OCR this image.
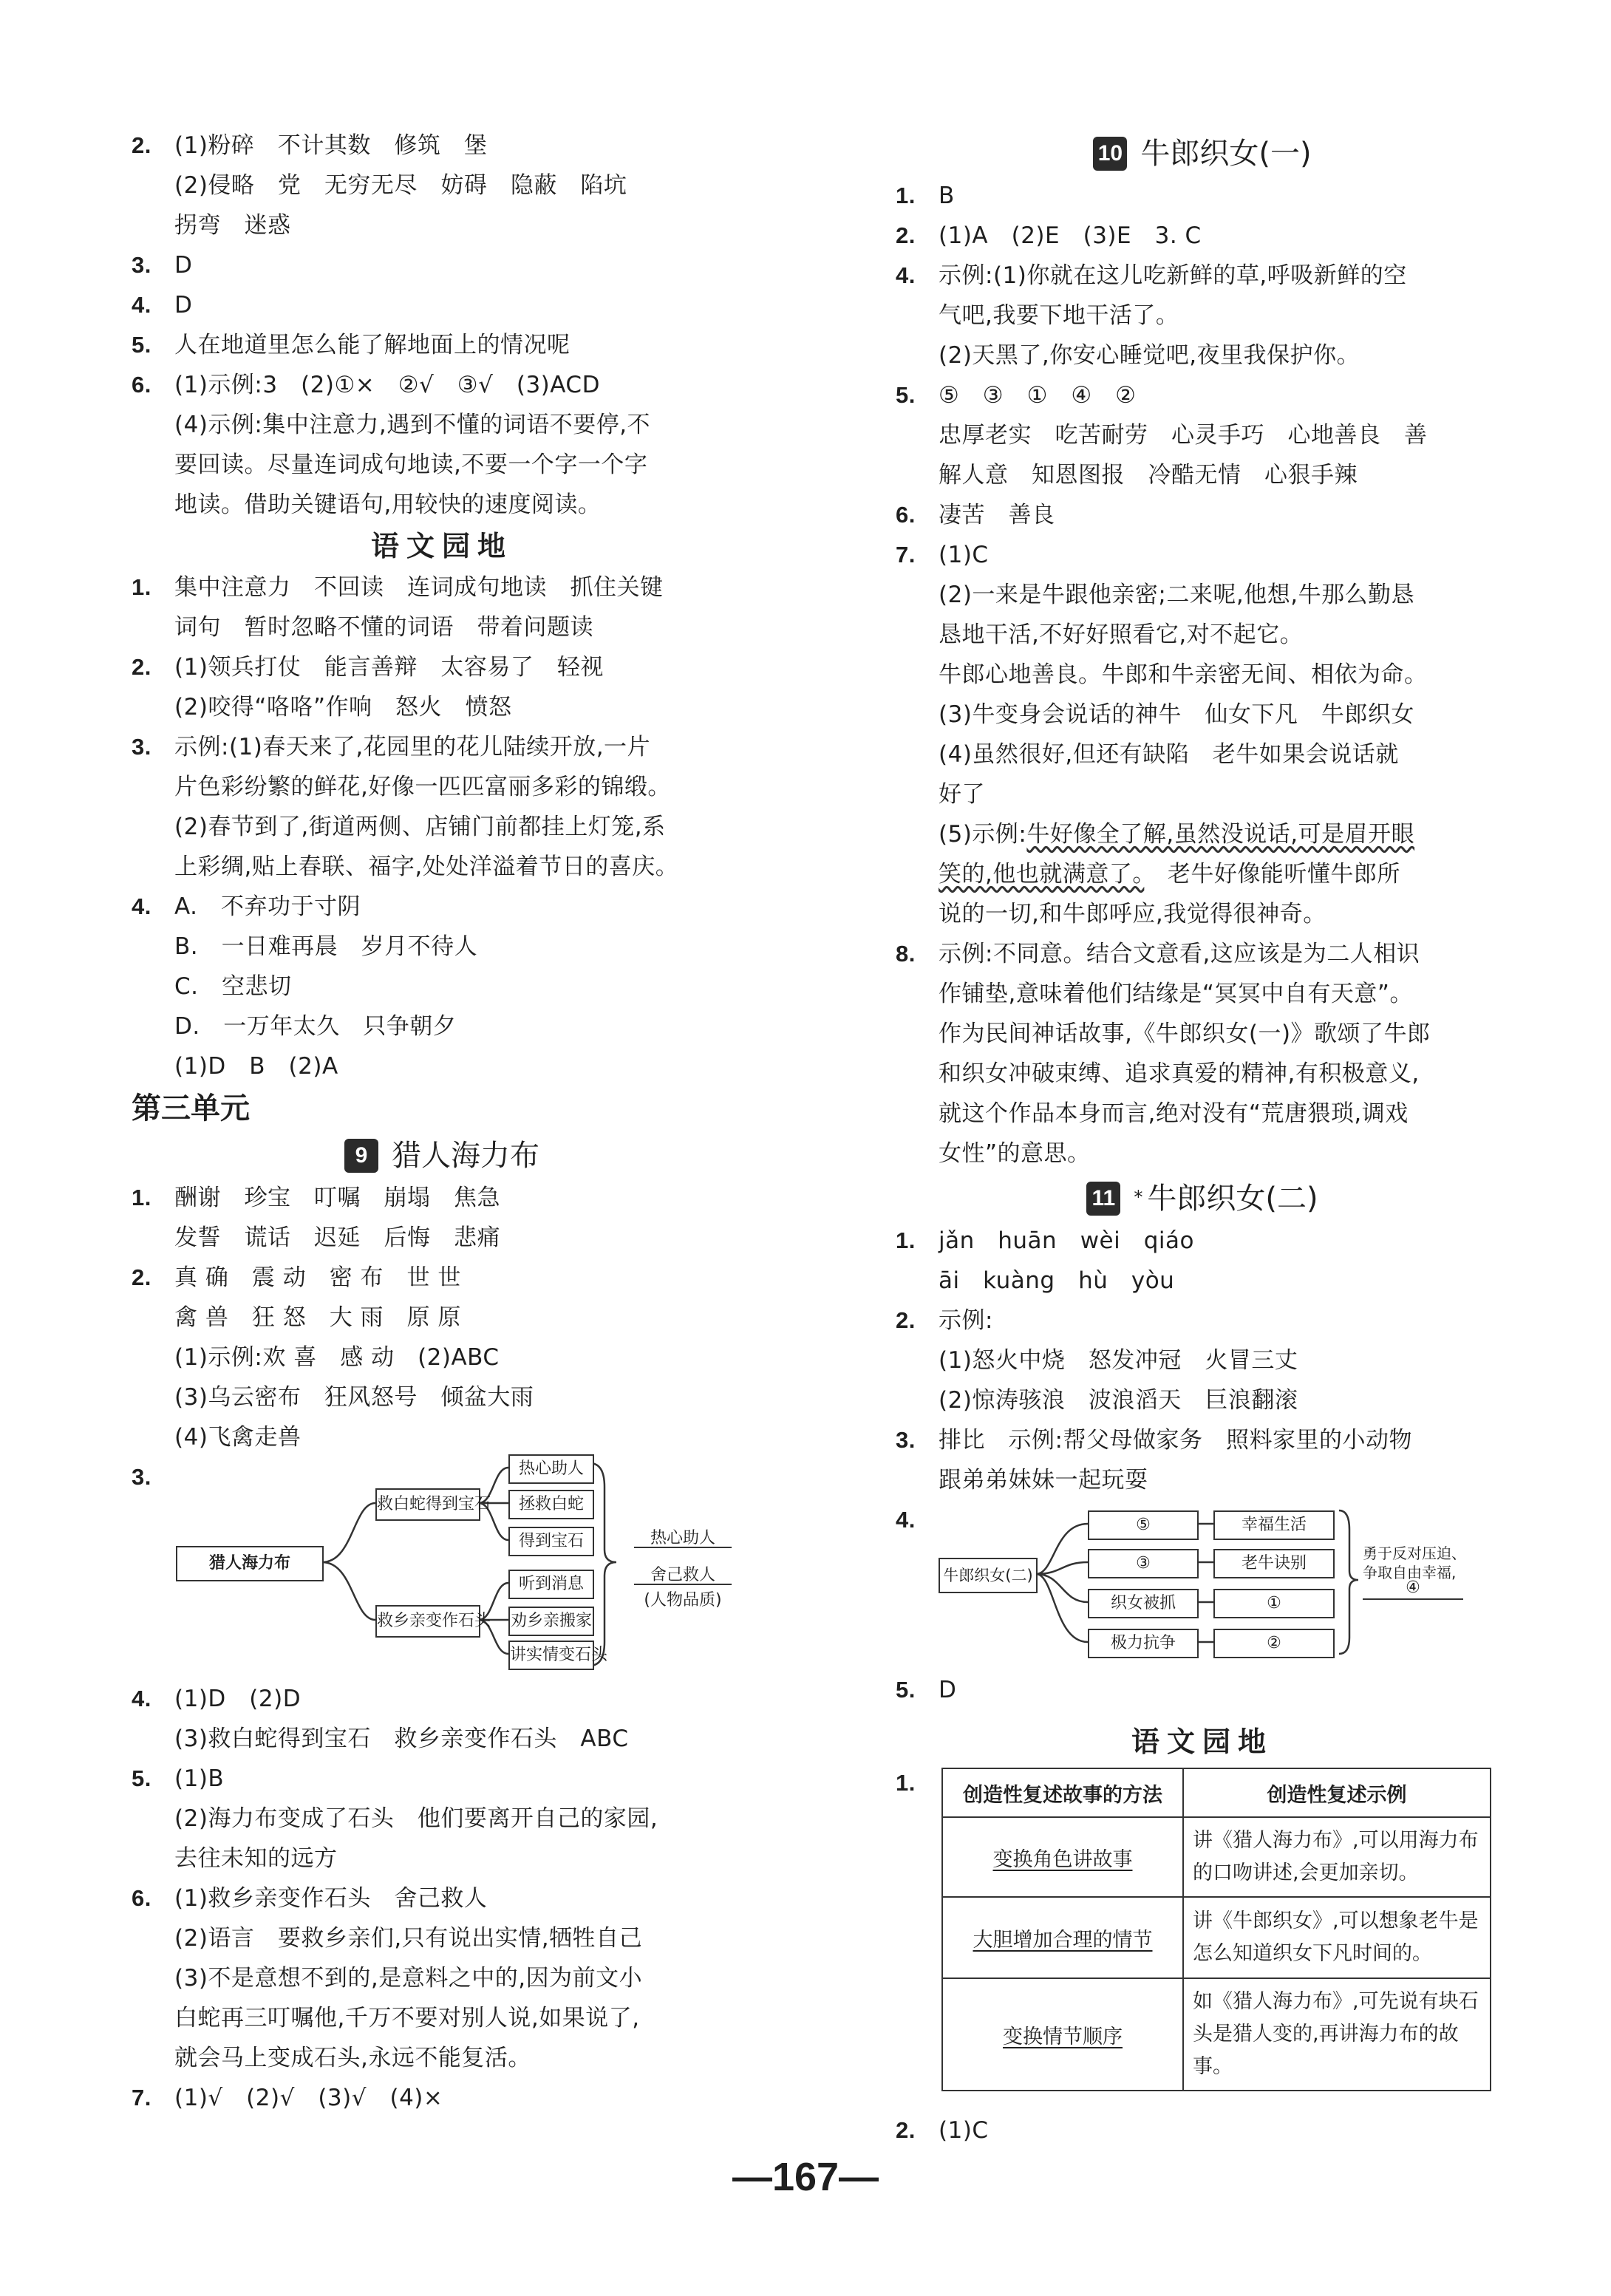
2.	(1)粉碎　不计其数　修筑　堡
(2)侵略　党　无穷无尽　妨碍　隐蔽　陷坑
拐弯　迷惑
3.	D
4.	D
5.	人在地道里怎么能了解地面上的情况呢
6.	(1)示例:3　(2)①×　②√　③√　(3)ACD
(4)示例:集中注意力,遇到不懂的词语不要停,不
要回读。尽量连词成句地读,不要一个字一个字
地读。借助关键语句,用较快的速度阅读。
语文园地
1.	集中注意力　不回读　连词成句地读　抓住关键
词句　暂时忽略不懂的词语　带着问题读
2.	(1)领兵打仗　能言善辩　太容易了　轻视
(2)咬得“咯咯”作响　怒火　愤怒
3.	示例:(1)春天来了,花园里的花儿陆续开放,一片
片色彩纷繁的鲜花,好像一匹匹富丽多彩的锦缎。
(2)春节到了,街道两侧、店铺门前都挂上灯笼,系
上彩绸,贴上春联、福字,处处洋溢着节日的喜庆。
4.	A.　不弃功于寸阴
B.　一日难再晨　岁月不待人
C.　空悲切
D.　一万年太久　只争朝夕
(1)D　B　(2)A
第三单元
9 猎人海力布
1.	酬谢　珍宝　叮嘱　崩塌　焦急
发誓　谎话　迟延　后悔　悲痛
2.	真 确　震 动　密 布　世 世
禽 兽　狂 怒　大 雨　原 原
(1)示例:欢 喜　感 动　(2)ABC
(3)乌云密布　狂风怒号　倾盆大雨
(4)飞禽走兽
3.
猎人海力布
救白蛇得到宝石
救乡亲变作石头
热心助人
拯救白蛇
得到宝石
听到消息
劝乡亲搬家
讲实情变石头
热心助人
舍己救人
(人物品质)
4.	(1)D　(2)D
(3)救白蛇得到宝石　救乡亲变作石头　ABC
5.	(1)B
(2)海力布变成了石头　他们要离开自己的家园,
去往未知的远方
6.	(1)救乡亲变作石头　舍己救人
(2)语言　要救乡亲们,只有说出实情,牺牲自己
(3)不是意想不到的,是意料之中的,因为前文小
白蛇再三叮嘱他,千万不要对别人说,如果说了,
就会马上变成石头,永远不能复活。
7.	(1)√　(2)√　(3)√　(4)×
10 牛郎织女(一)
1.	B
2.	(1)A　(2)E　(3)E　3. C
4.	示例:(1)你就在这儿吃新鲜的草,呼吸新鲜的空
气吧,我要下地干活了。
(2)天黑了,你安心睡觉吧,夜里我保护你。
5.	⑤　③　①　④　②
忠厚老实　吃苦耐劳　心灵手巧　心地善良　善
解人意　知恩图报　冷酷无情　心狠手辣
6.	凄苦　善良
7.	(1)C
(2)一来是牛跟他亲密;二来呢,他想,牛那么勤恳
恳地干活,不好好照看它,对不起它。
牛郎心地善良。牛郎和牛亲密无间、相依为命。
(3)牛变身会说话的神牛　仙女下凡　牛郎织女
(4)虽然很好,但还有缺陷　老牛如果会说话就
好了
(5)示例:牛好像全了解,虽然没说话,可是眉开眼
笑的,他也就满意了。　老牛好像能听懂牛郎所
说的一切,和牛郎呼应,我觉得很神奇。
8.	示例:不同意。结合文意看,这应该是为二人相识
作铺垫,意味着他们结缘是“冥冥中自有天意”。
作为民间神话故事,《牛郎织女(一)》歌颂了牛郎
和织女冲破束缚、追求真爱的精神,有积极意义,
就这个作品本身而言,绝对没有“荒唐猥琐,调戏
女性”的意思。
11 * 牛郎织女(二)
1.	jǎn　huān　wèi　qiáo
āi　kuàng　hù　yòu
2.	示例:
(1)怒火中烧　怒发冲冠　火冒三丈
(2)惊涛骇浪　波浪滔天　巨浪翻滚
3.	排比　示例:帮父母做家务　照料家里的小动物
跟弟弟妹妹一起玩耍
4.
牛郎织女(二)
⑤
③
织女被抓
极力抗争
幸福生活
老牛诀别
①
②
勇于反对压迫、
争取自由幸福,
④
5.	D
语文园地
1.	创造性复述故事的方法	创造性复述示例
变换角色讲故事	讲《猎人海力布》,可以用海力布的口吻讲述,会更加亲切。
大胆增加合理的情节	讲《牛郎织女》,可以想象老牛是怎么知道织女下凡时间的。
变换情节顺序	如《猎人海力布》,可先说有块石头是猎人变的,再讲海力布的故事。
2.	(1)C
—167—
